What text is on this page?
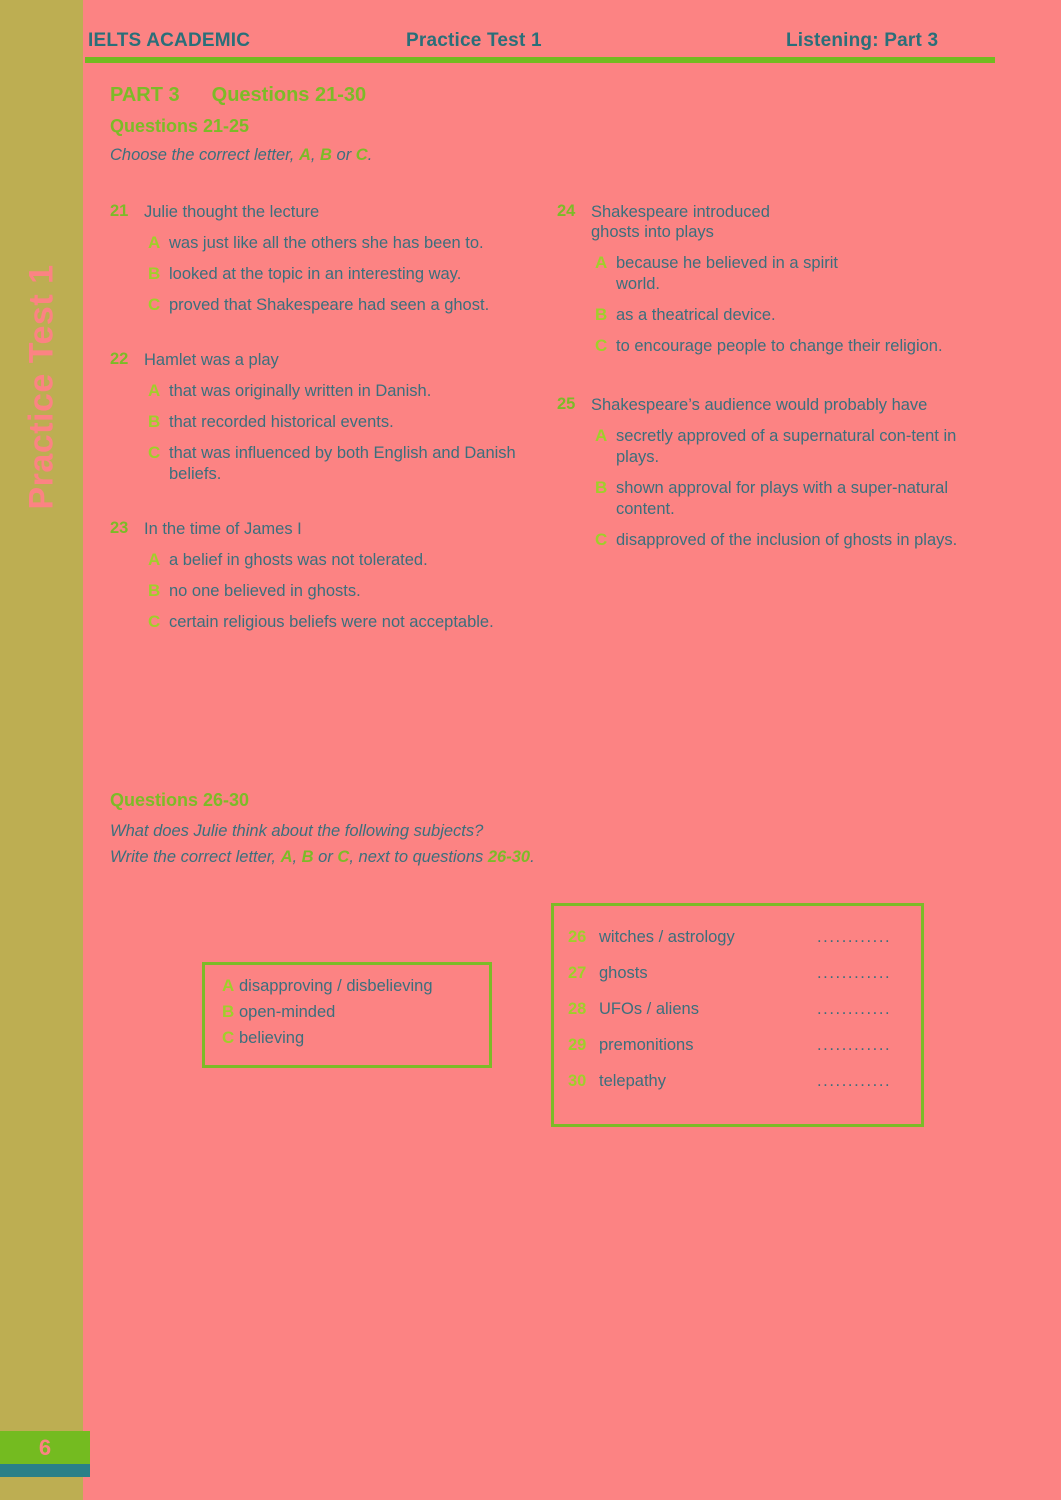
Practice Test 1
6
IELTS ACADEMIC	Practice Test 1	Listening: Part 3
PART 3 Questions 21-30
Questions 21-25
Choose the correct letter, A, B or C.
21 Julie thought the lecture
A was just like all the others she has been to.
B looked at the topic in an interesting way.
C proved that Shakespeare had seen a ghost.
22 Hamlet was a play
A that was originally written in Danish.
B that recorded historical events.
C that was influenced by both English and Danish beliefs.
23 In the time of James I
A a belief in ghosts was not tolerated.
B no one believed in ghosts.
C certain religious beliefs were not acceptable.
24 Shakespeare introduced ghosts into plays
A because he believed in a spirit world.
B as a theatrical device.
C to encourage people to change their religion.
25 Shakespeare’s audience would probably have
A secretly approved of a supernatural con-tent in plays.
B shown approval for plays with a super-natural content.
C disapproved of the inclusion of ghosts in plays.
Questions 26-30
What does Julie think about the following subjects?
Write the correct letter, A, B or C, next to questions 26-30.
A disapproving / disbelieving
B open-minded
C believing
26 witches / astrology	............
27 ghosts	............
28 UFOs / aliens	............
29 premonitions	............
30 telepathy	............
